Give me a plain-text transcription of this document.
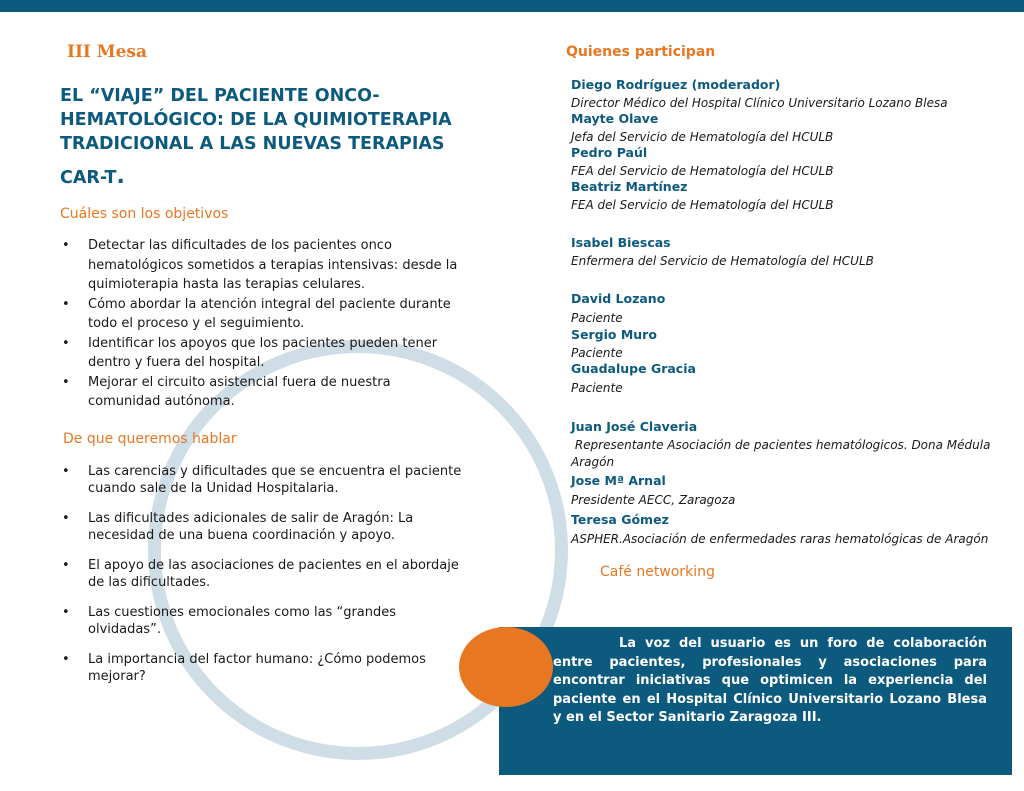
III Mesa
EL “VIAJE” DEL PACIENTE ONCO-
HEMATOLÓGICO: DE LA QUIMIOTERAPIA
TRADICIONAL A LAS NUEVAS TERAPIAS
CAR-T.
Cuáles son los objetivos
• Detectar las dificultades de los pacientes onco hematológicos sometidos a terapias intensivas: desde la quimioterapia hasta las terapias celulares.
• Cómo abordar la atención integral del paciente durante todo el proceso y el seguimiento.
• Identificar los apoyos que los pacientes pueden tener dentro y fuera del hospital.
• Mejorar el circuito asistencial fuera de nuestra comunidad autónoma.
De que queremos hablar
• Las carencias y dificultades que se encuentra el paciente cuando sale de la Unidad Hospitalaria.
• Las dificultades adicionales de salir de Aragón: La necesidad de una buena coordinación y apoyo.
• El apoyo de las asociaciones de pacientes en el abordaje de las dificultades.
• Las cuestiones emocionales como las “grandes olvidadas”.
• La importancia del factor humano: ¿Cómo podemos mejorar?
Quienes participan

Diego Rodríguez (moderador)

Director Médico del Hospital Clínico Universitario Lozano Blesa

Mayte Olave

Jefa del Servicio de Hematología del HCULB

Pedro Paúl

FEA del Servicio de Hematología del HCULB

Beatriz Martínez

FEA del Servicio de Hematología del HCULB

Isabel Biescas

Enfermera del Servicio de Hematología del HCULB

David Lozano

Paciente

Sergio Muro

Paciente

Guadalupe Gracia

Paciente

Juan José Claveria

Representante Asociación de pacientes hematólogicos. Dona Médula

Aragón

Jose Mª Arnal

Presidente AECC, Zaragoza

Teresa Gómez

ASPHER.Asociación de enfermedades raras hematológicas de Aragón

Café networking

La voz del usuario es un foro de colaboración entre pacientes, profesionales y asociaciones para encontrar iniciativas que optimicen la experiencia del paciente en el Hospital Clínico Universitario Lozano Blesa y en el Sector Sanitario Zaragoza III.
